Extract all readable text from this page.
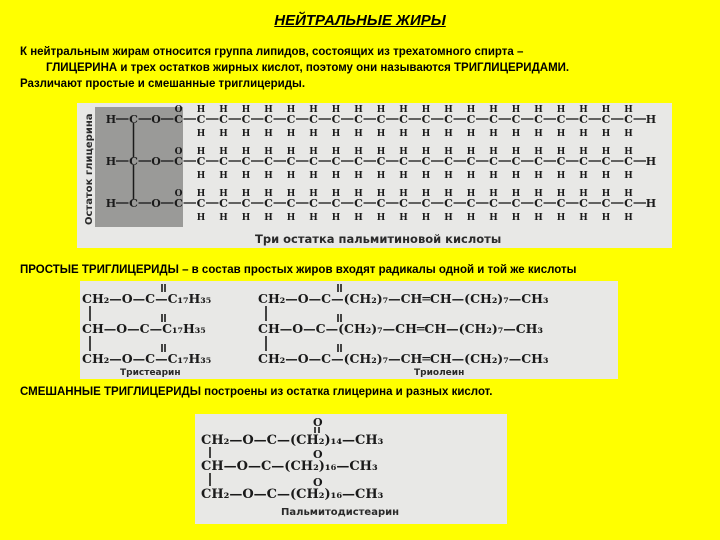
НЕЙТРАЛЬНЫЕ ЖИРЫ
К нейтральным жирам относится группа липидов, состоящих из трехатомного спирта –
ГЛИЦЕРИНА и трех остатков жирных кислот, поэтому они называются ТРИГЛИЦЕРИДАМИ.
Различают простые и смешанные триглицериды.
H C O C C
H
H
C
H
H
C
H
H
C
H
H
C
H
H
C
H
H
C
H
H
C
H
H
C
H
H
C
H
H
C
H
H
C
H
H
C
H
H
C
H
H
C
H
H
C
H
H
C
H
H
C
H
H
C
H
H
C
H
H
H
O
H C O C C
H
H
C
H
H
C
H
H
C
H
H
C
H
H
C
H
H
C
H
H
C
H
H
C
H
H
C
H
H
C
H
H
C
H
H
C
H
H
C
H
H
C
H
H
C
H
H
C
H
H
C
H
H
C
H
H
C
H
H
H
O
H C O C C
H
H
C
H
H
C
H
H
C
H
H
C
H
H
C
H
H
C
H
H
C
H
H
C
H
H
C
H
H
C
H
H
C
H
H
C
H
H
C
H
H
C
H
H
C
H
H
C
H
H
C
H
H
C
H
H
C
H
H
H
O
Остаток глицерина
Три остатка пальмитиновой кислоты
ПРОСТЫЕ ТРИГЛИЦЕРИДЫ – в состав простых жиров входят радикалы одной и той же кислоты
CH₂—O—C—C₁₇H₃₅
CH—O—C—C₁₇H₃₅
CH₂—O—C—C₁₇H₃₅
CH₂—O—C—(CH₂)₇—CH═CH—(CH₂)₇—CH₃
CH—O—C—(CH₂)₇—CH═CH—(CH₂)₇—CH₃
CH₂—O—C—(CH₂)₇—CH═CH—(CH₂)₇—CH₃
Тристеарин	Триолеин
СМЕШАННЫЕ ТРИГЛИЦЕРИДЫ построены из остатка глицерина и разных кислот.
CH₂—O—C—(CH₂)₁₄—CH₃
CH—O—C—(CH₂)₁₆—CH₃
CH₂—O—C—(CH₂)₁₆—CH₃
O
O
O
Пальмитодистеарин
